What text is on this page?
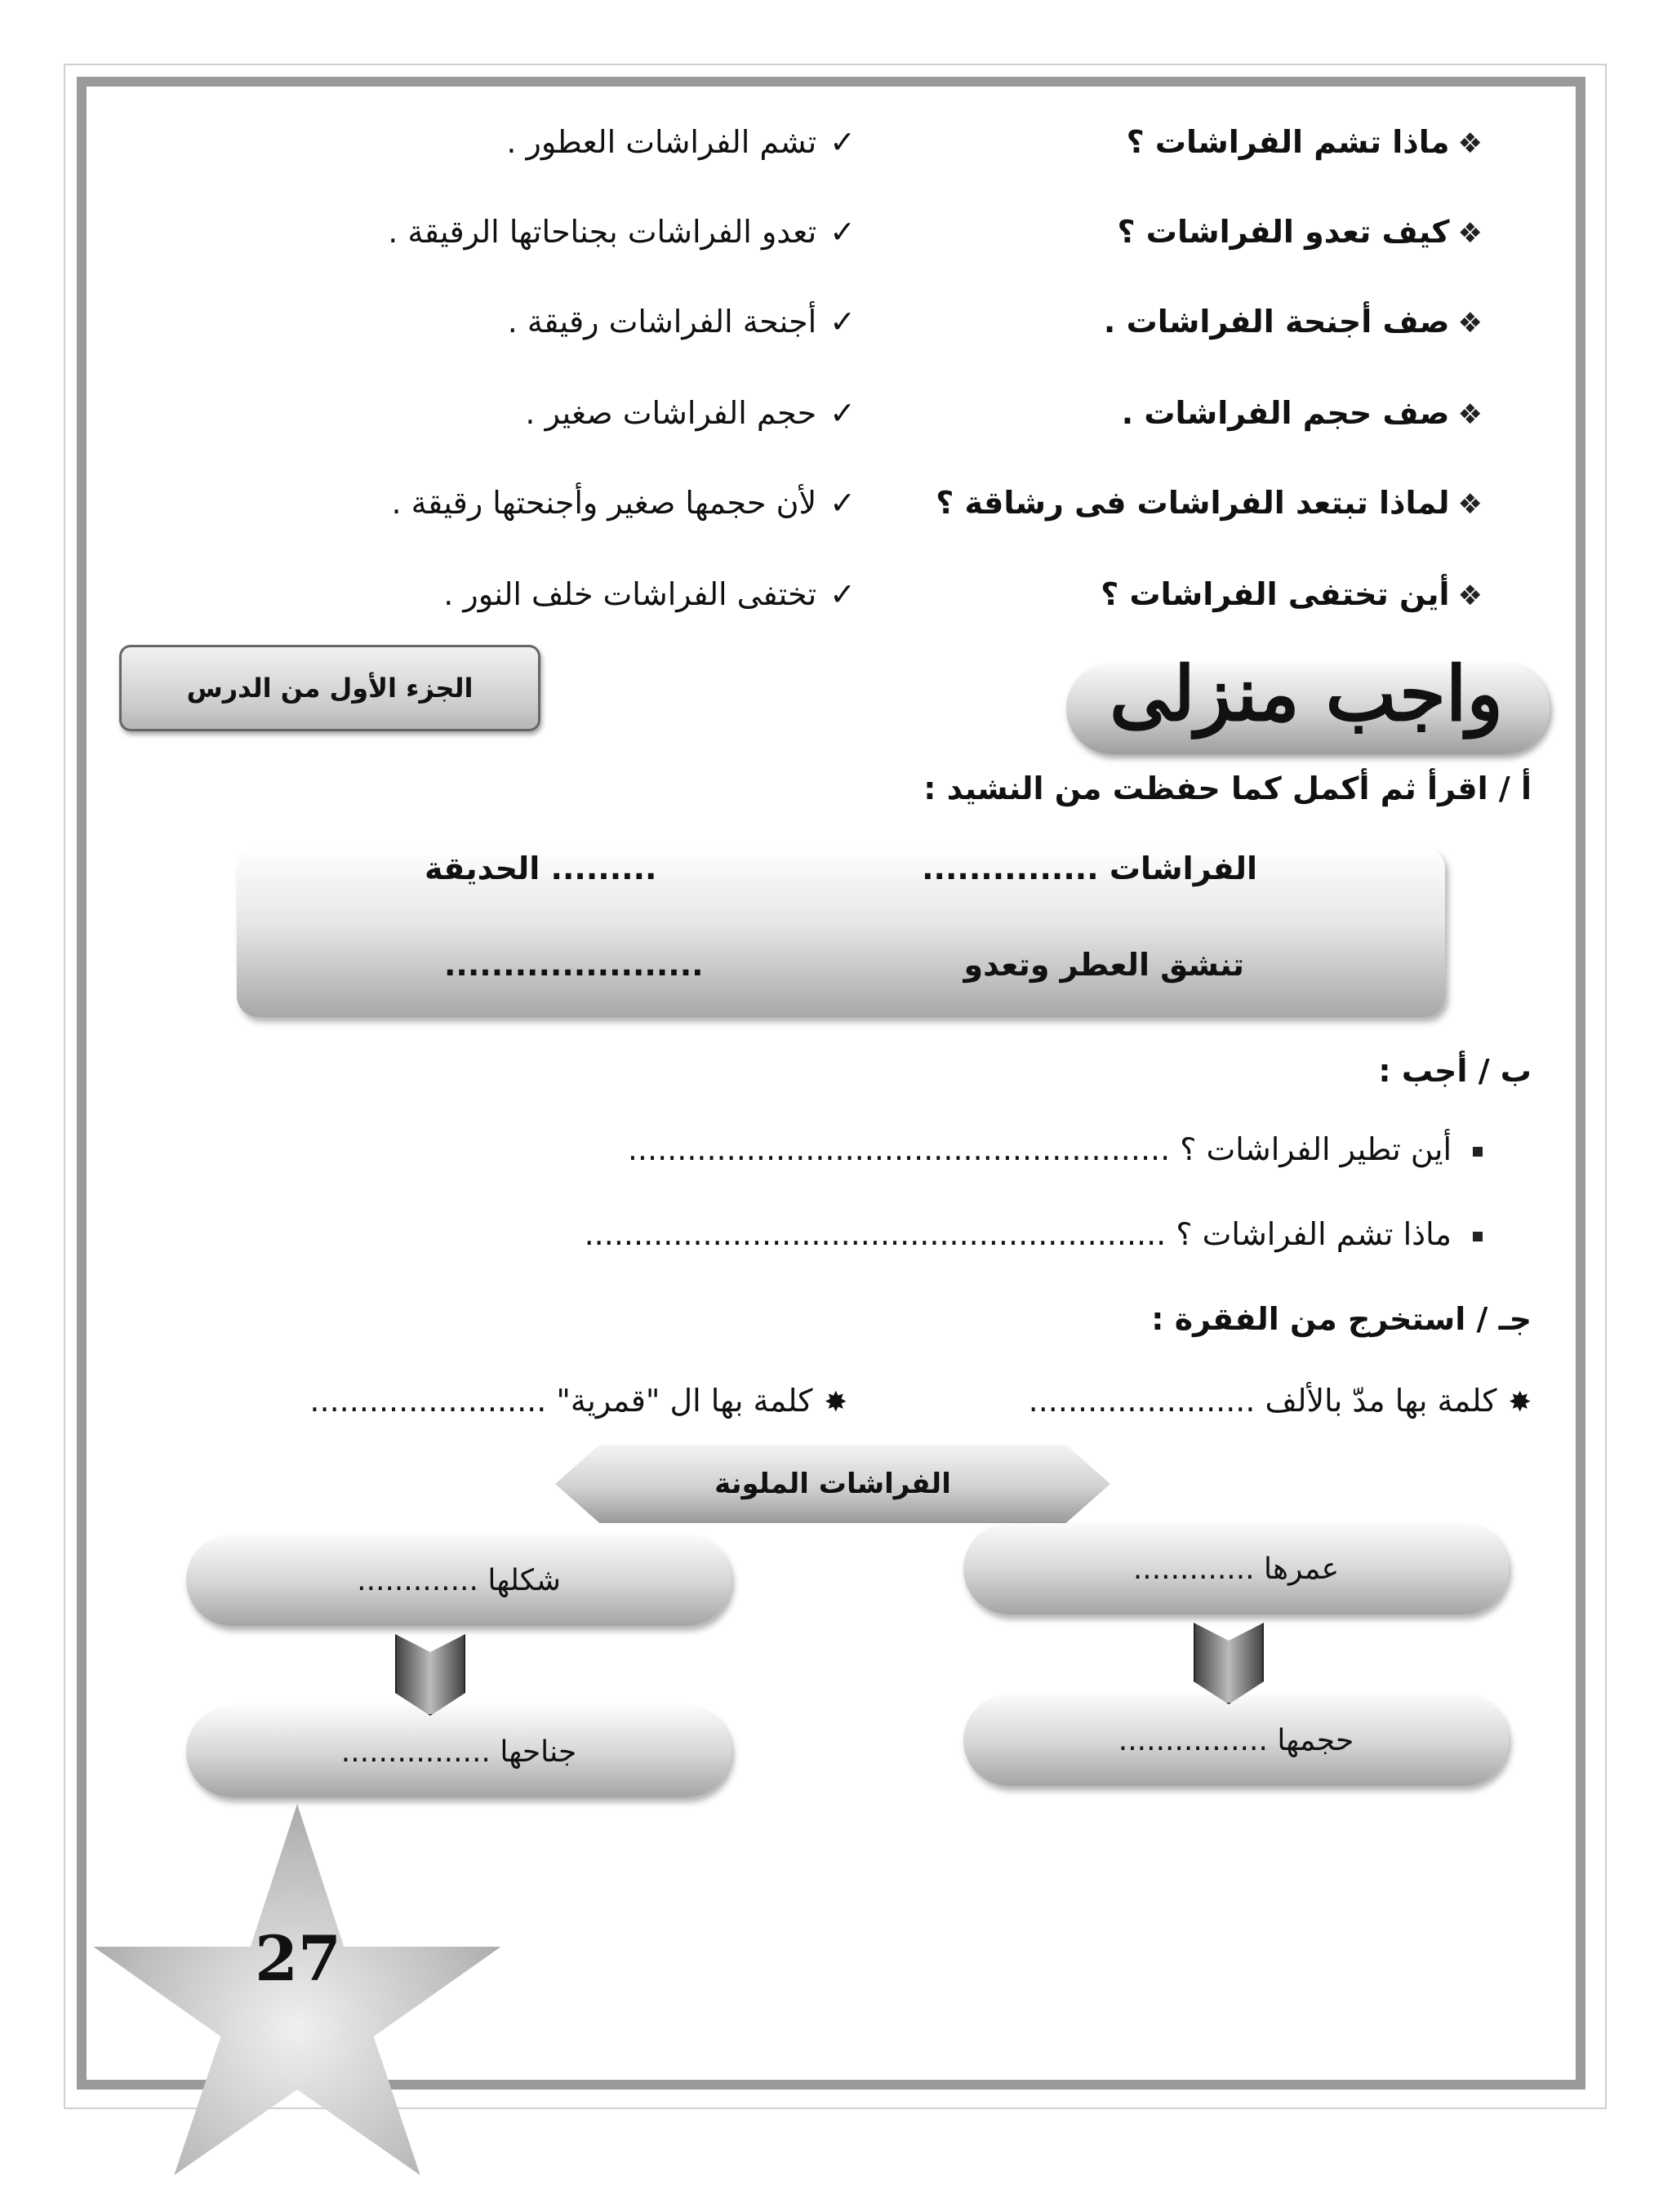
❖ماذا تشم الفراشات ؟
✓تشم الفراشات العطور .
❖كيف تعدو الفراشات ؟
✓تعدو الفراشات بجناحاتها الرقيقة .
❖صف أجنحة الفراشات .
✓أجنحة الفراشات رقيقة .
❖صف حجم الفراشات .
✓حجم الفراشات صغير .
❖لماذا تبتعد الفراشات فى رشاقة ؟
✓لأن حجمها صغير وأجنحتها رقيقة .
❖أين تختفى الفراشات ؟
✓تختفى الفراشات خلف النور .
الجزء الأول من الدرس	واجب منزلى
أ / اقرأ ثم أكمل كما حفظت من النشيد :
الفراشات ...............
......... الحديقة
تنشق العطر وتعدو
......................
ب / أجب :
أين تطير الفراشات ؟ .......................................................
ماذا تشم الفراشات ؟ ...........................................................
جـ / استخرج من الفقرة :
✸كلمة بها مدّ بالألف .......................
✸كلمة بها ال "قمرية" ........................
الفراشات الملونة
عمرها .............
حجمها ................
شكلها .............
جناحها ................
27
